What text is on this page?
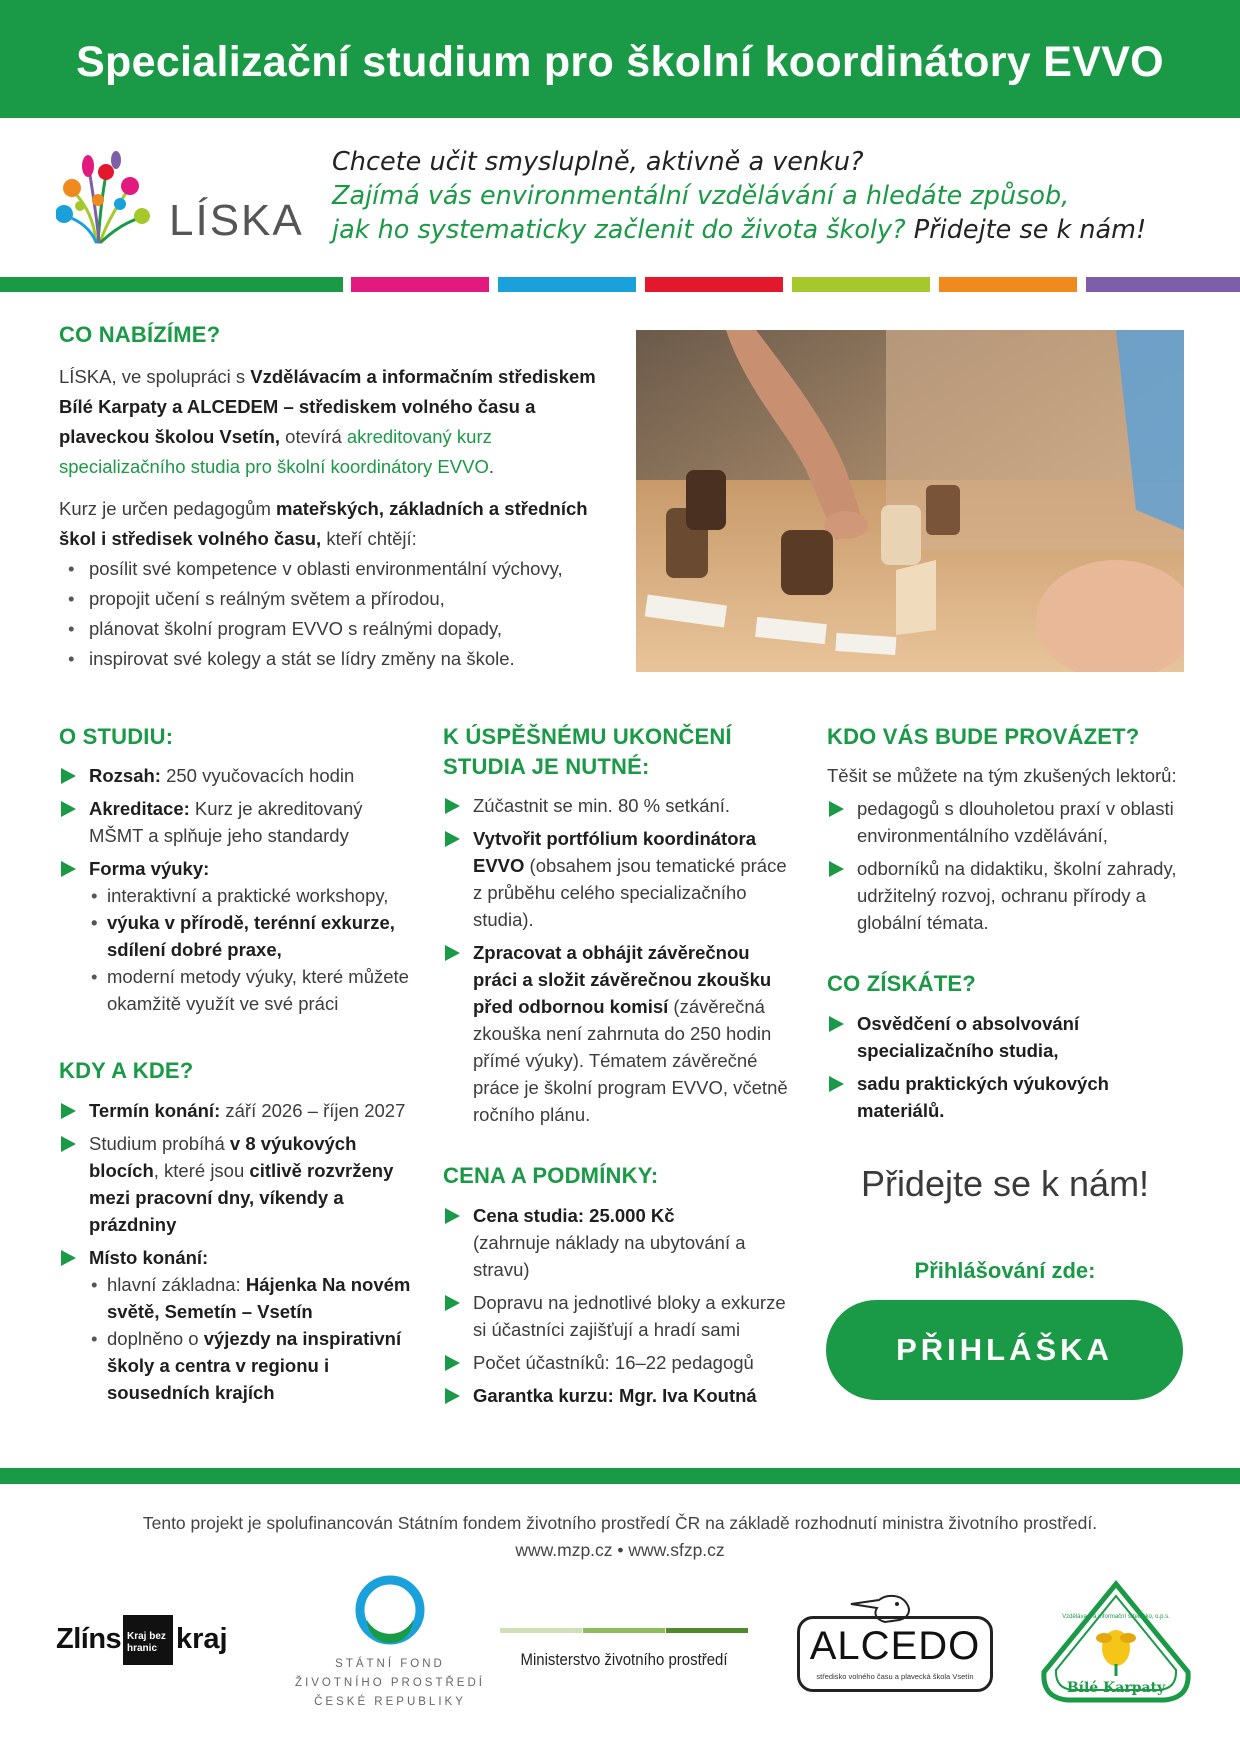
Specializační studium pro školní koordinátory EVVO
LÍSKA
Chcete učit smysluplně, aktivně a venku?
Zajímá vás environmentální vzdělávání a hledáte způsob,
jak ho systematicky začlenit do života školy? Přidejte se k nám!
CO NABÍZÍME?
LÍSKA, ve spolupráci s Vzdělávacím a informačním střediskem Bílé Karpaty a ALCEDEM – střediskem volného času a plaveckou školou Vsetín, otevírá akreditovaný kurz specializačního studia pro školní koordinátory EVVO.
Kurz je určen pedagogům mateřských, základních a středních škol i středisek volného času, kteří chtějí:
• posílit své kompetence v oblasti environmentální výchovy,
• propojit učení s reálným světem a přírodou,
• plánovat školní program EVVO s reálnými dopady,
• inspirovat své kolegy a stát se lídry změny na škole.
O STUDIU:
Rozsah: 250 vyučovacích hodin
Akreditace: Kurz je akreditovaný MŠMT a splňuje jeho standardy
Forma výuky:
• interaktivní a praktické workshopy,
• výuka v přírodě, terénní exkurze, sdílení dobré praxe,
• moderní metody výuky, které můžete okamžitě využít ve své práci
KDY A KDE?
Termín konání: září 2026 – říjen 2027
Studium probíhá v 8 výukových blocích, které jsou citlivě rozvrženy mezi pracovní dny, víkendy a prázdniny
Místo konání:
• hlavní základna: Hájenka Na novém světě, Semetín – Vsetín
• doplněno o výjezdy na inspirativní školy a centra v regionu i sousedních krajích
K ÚSPĚŠNÉMU UKONČENÍ STUDIA JE NUTNÉ:
Zúčastnit se min. 80 % setkání.
Vytvořit portfólium koordinátora EVVO (obsahem jsou tematické práce z průběhu celého specializačního studia).
Zpracovat a obhájit závěrečnou práci a složit závěrečnou zkoušku před odbornou komisí (závěrečná zkouška není zahrnuta do 250 hodin přímé výuky). Tématem závěrečné práce je školní program EVVO, včetně ročního plánu.
CENA A PODMÍNKY:
Cena studia: 25.000 Kč
(zahrnuje náklady na ubytování a stravu)
Dopravu na jednotlivé bloky a exkurze si účastníci zajišťují a hradí sami
Počet účastníků: 16–22 pedagogů
Garantka kurzu: Mgr. Iva Koutná
KDO VÁS BUDE PROVÁZET?
Těšit se můžete na tým zkušených lektorů:
pedagogů s dlouholetou praxí v oblasti environmentálního vzdělávání,
odborníků na didaktiku, školní zahrady, udržitelný rozvoj, ochranu přírody a globální témata.
CO ZÍSKÁTE?
Osvědčení o absolvování specializačního studia,
sadu praktických výukových materiálů.
Přidejte se k nám!
Přihlášování zde:
PŘIHLÁŠKA
Tento projekt je spolufinancován Státním fondem životního prostředí ČR na základě rozhodnutí ministra životního prostředí.
www.mzp.cz • www.sfzp.cz
Zlíns Kraj bez hranic kraj
STÁTNÍ FOND
ŽIVOTNÍHO PROSTŘEDÍ
ČESKÉ REPUBLIKY
Ministerstvo životního prostředí	ALCEDO
středisko volného času a plavecká škola Vsetín
Bílé Karpaty
Vzdělávací a informační středisko, o.p.s.
